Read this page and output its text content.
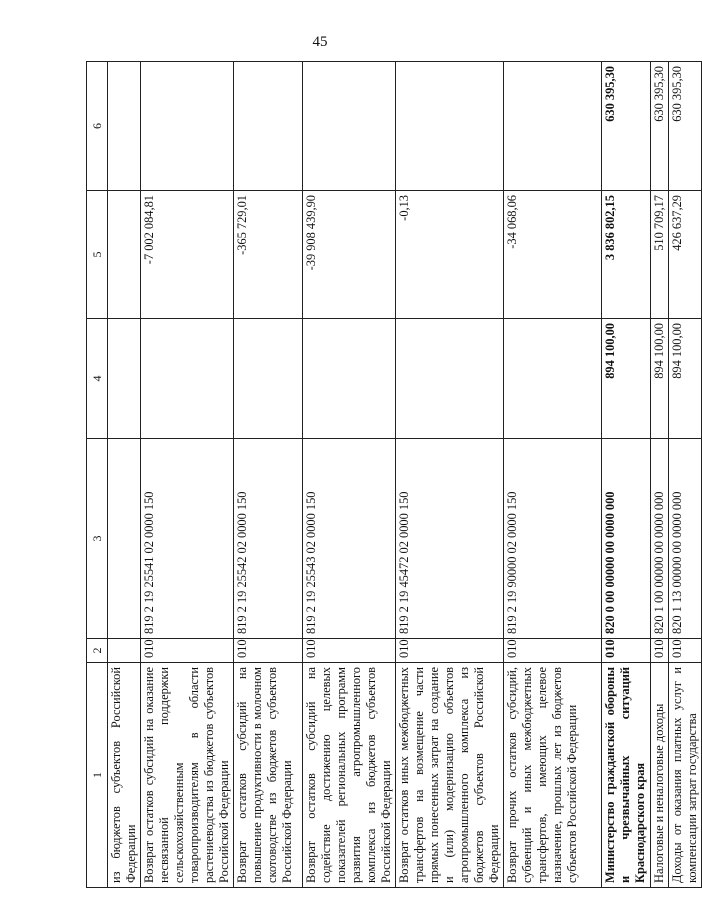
45
1	2	3	4	5	6
из бюджетов субъектов Российской Федерации					
Возврат остатков субсидий на оказание несвязанной поддержки сельскохозяйственным товаропроизводителям в области растениеводства из бюджетов субъектов Российской Федерации	010	819 2 19 25541 02 0000 150		-7 002 084,81	
Возврат остатков субсидий на повышение продуктивности в молочном скотоводстве из бюджетов субъектов Российской Федерации	010	819 2 19 25542 02 0000 150		-365 729,01	
Возврат остатков субсидий на содействие достижению целевых показателей региональных программ развития агропромышленного комплекса из бюджетов субъектов Российской Федерации	010	819 2 19 25543 02 0000 150		-39 908 439,90	
Возврат остатков иных межбюджетных трансфертов на возмещение части прямых понесенных затрат на создание и (или) модернизацию объектов агропромышленного комплекса из бюджетов субъектов Российской Федерации	010	819 2 19 45472 02 0000 150		-0,13	
Возврат прочих остатков субсидий, субвенций и иных межбюджетных трансфертов, имеющих целевое назначение, прошлых лет из бюджетов субъектов Российской Федерации	010	819 2 19 90000 02 0000 150		-34 068,06	
Министерство гражданской обороны и чрезвычайных ситуаций Краснодарского края	010	820 0 00 00000 00 0000 000	894 100,00	3 836 802,15	630 395,30
Налоговые и неналоговые доходы	010	820 1 00 00000 00 0000 000	894 100,00	510 709,17	630 395,30
Доходы от оказания платных услуг и компенсации затрат государства	010	820 1 13 00000 00 0000 000	894 100,00	426 637,29	630 395,30
